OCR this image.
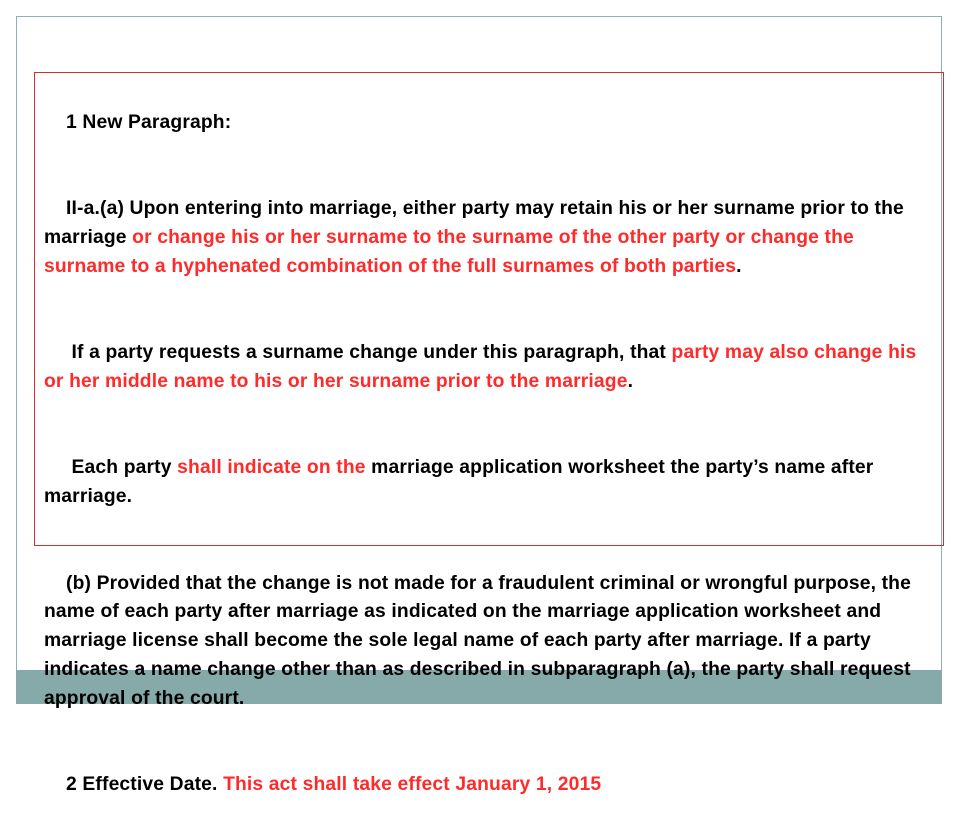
1 New Paragraph:

II-a.(a) Upon entering into marriage, either party may retain his or her surname prior to the marriage or change his or her surname to the surname of the other party or change the surname to a hyphenated combination of the full surnames of both parties.

If a party requests a surname change under this paragraph, that party may also change his or her middle name to his or her surname prior to the marriage.

Each party shall indicate on the marriage application worksheet the party’s name after marriage.

(b) Provided that the change is not made for a fraudulent criminal or wrongful purpose, the name of each party after marriage as indicated on the marriage application worksheet and marriage license shall become the sole legal name of each party after marriage. If a party indicates a name change other than as described in subparagraph (a), the party shall request approval of the court.

2 Effective Date. This act shall take effect January 1, 2015
